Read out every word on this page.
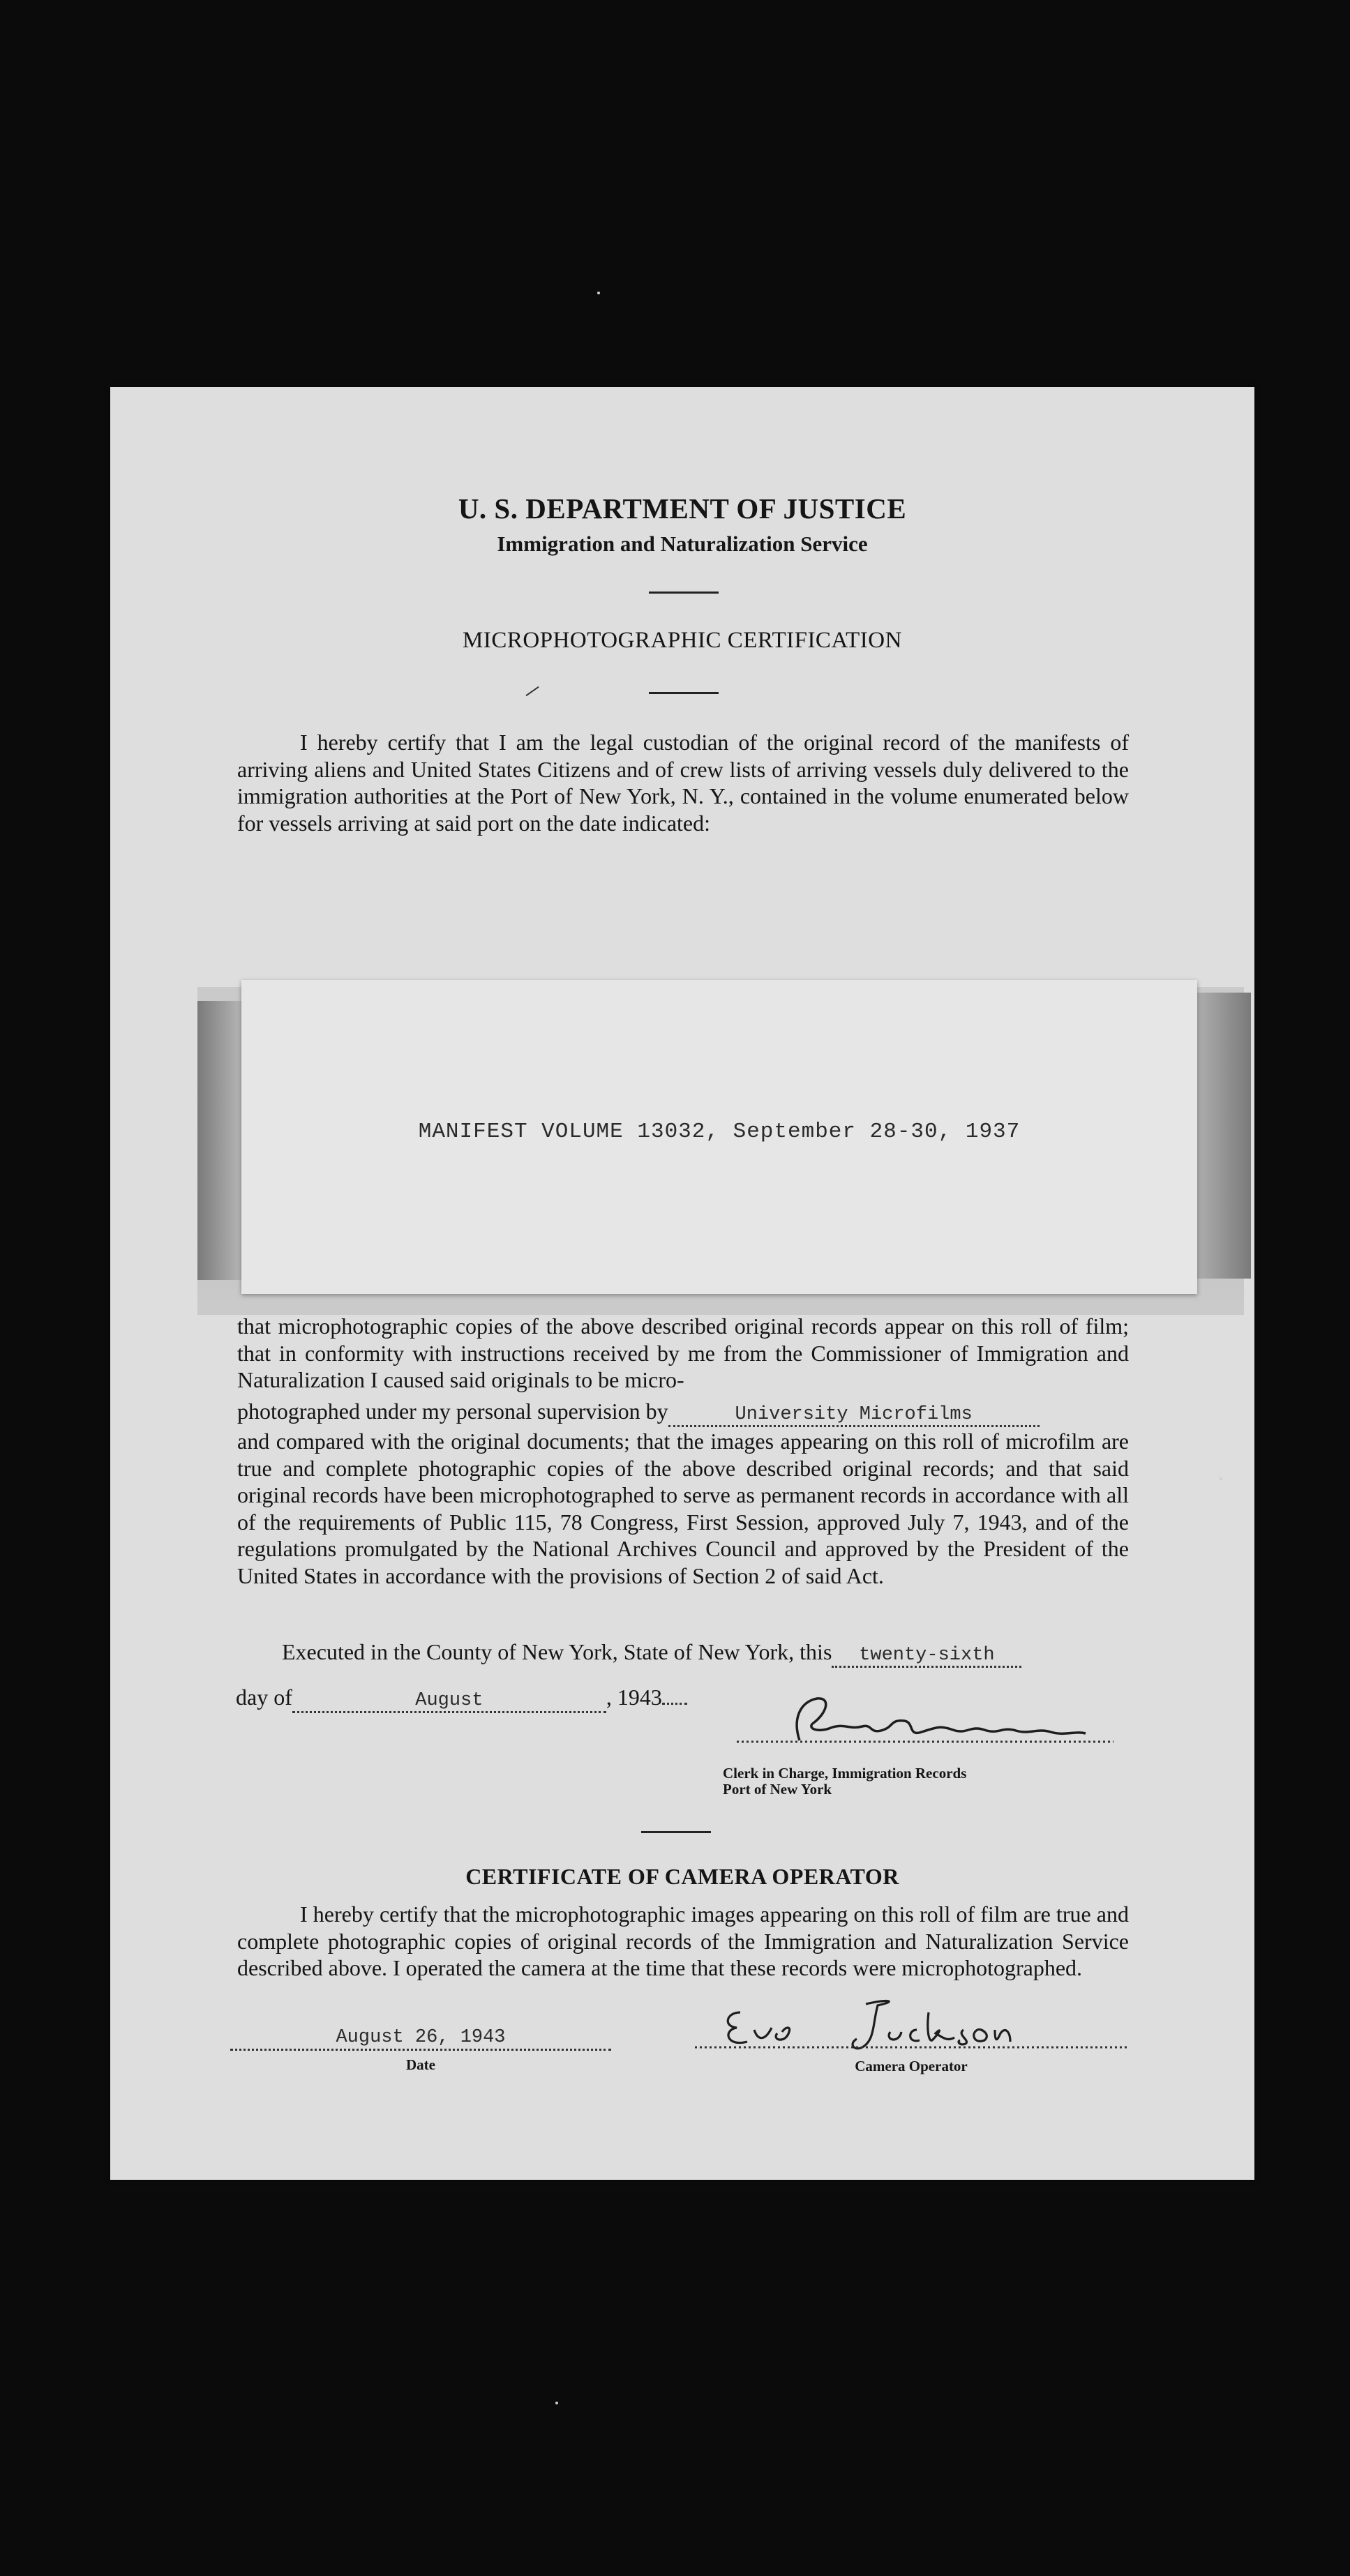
U. S. DEPARTMENT OF JUSTICE
Immigration and Naturalization Service
MICROPHOTOGRAPHIC CERTIFICATION
I hereby certify that I am the legal custodian of the original record of the manifests of arriving aliens and United States Citizens and of crew lists of arriving vessels duly delivered to the immigration authorities at the Port of New York, N. Y., contained in the volume enumerated below for vessels arriving at said port on the date indicated:
MANIFEST VOLUME 13032, September 28-30, 1937
that microphotographic copies of the above described original records appear on this roll of film; that in conformity with instructions received by me from the Commissioner of Immigration and Naturalization I caused said originals to be micro-
photographed under my personal supervision by	University Microfilms
and compared with the original documents; that the images appearing on this roll of microfilm are true and complete photographic copies of the above described original records; and that said original records have been microphotographed to serve as permanent records in accordance with all of the requirements of Public 115, 78 Congress, First Session, approved July 7, 1943, and of the regulations promulgated by the National Archives Council and approved by the President of the United States in accordance with the provisions of Section 2 of said Act.
Executed in the County of New York, State of New York, this twenty-sixth
day of	August	, 1943
Clerk in Charge, Immigration Records
Port of New York
CERTIFICATE OF CAMERA OPERATOR
I hereby certify that the microphotographic images appearing on this roll of film are true and complete photographic copies of original records of the Immigration and Naturalization Service described above. I operated the camera at the time that these records were microphotographed.
August 26, 1943
Date	Camera Operator
